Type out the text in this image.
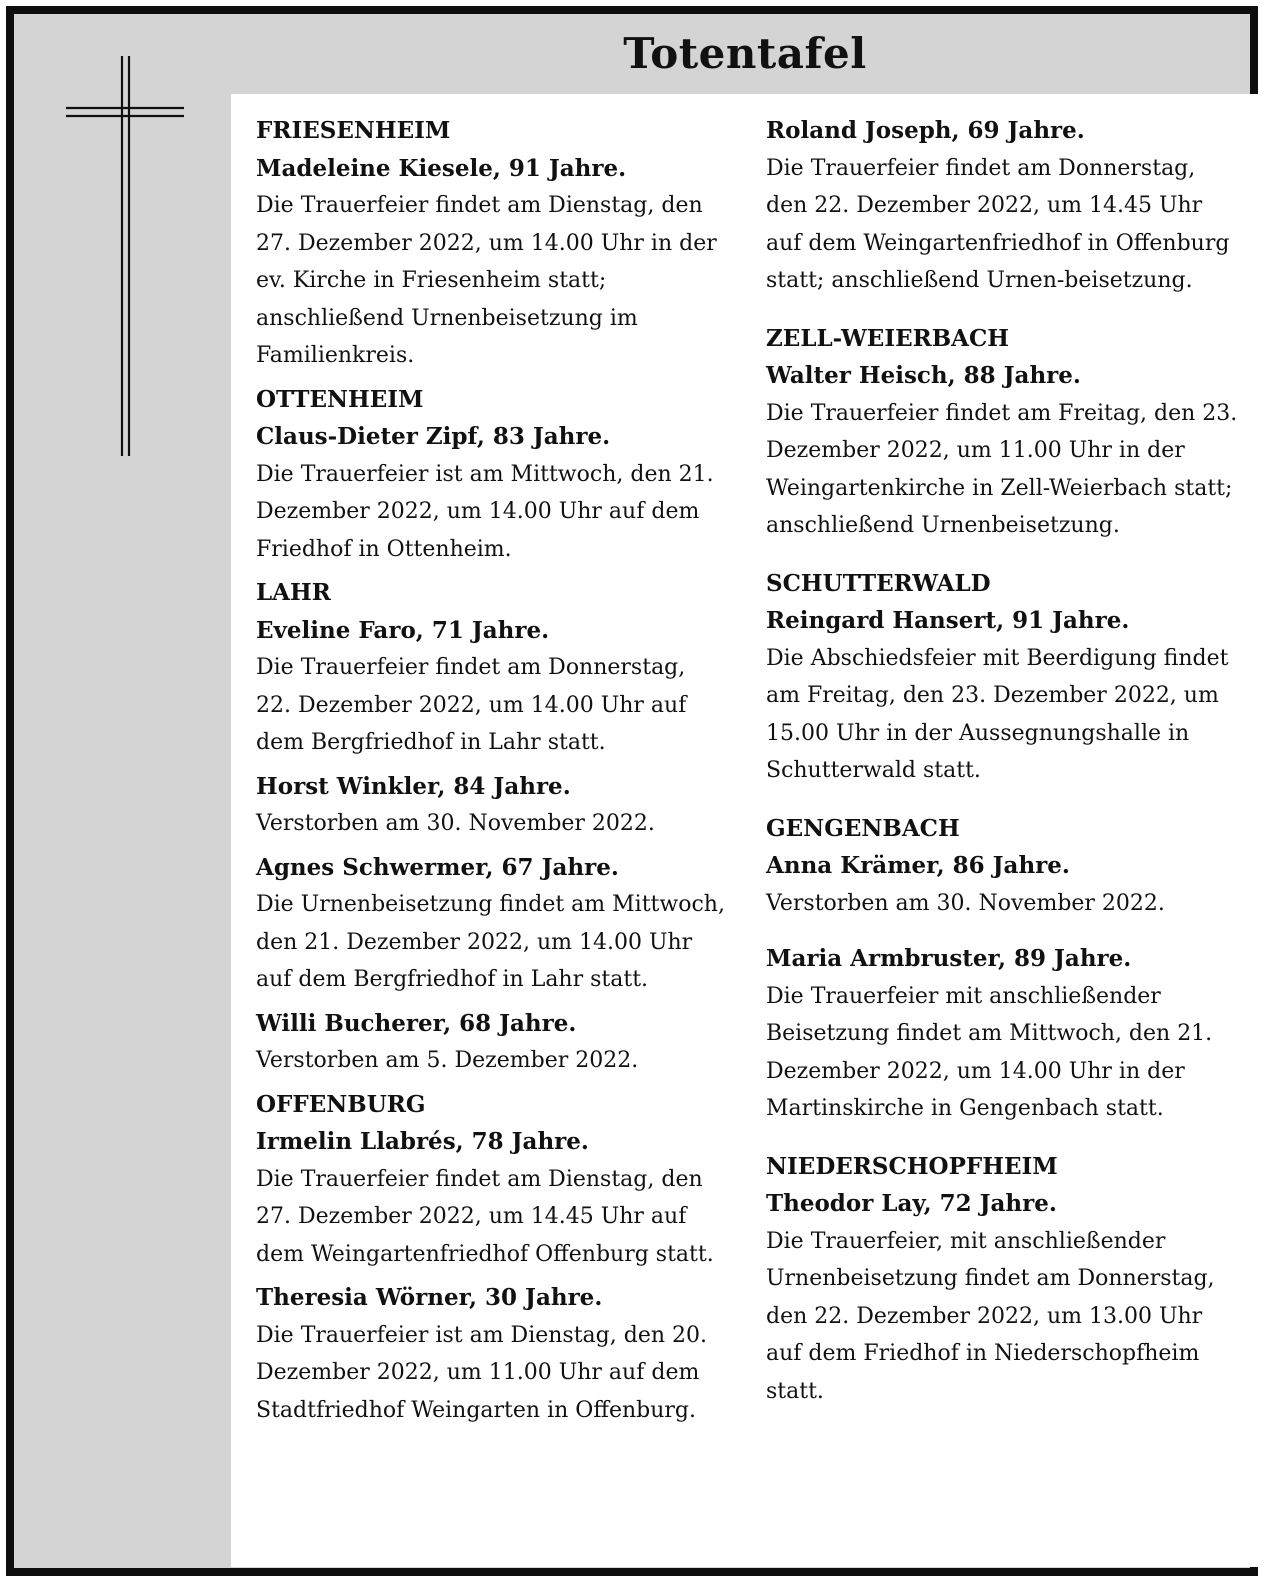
Totentafel

FRIESENHEIM

Madeleine Kiesele, 91 Jahre.

Die Trauerfeier findet am Dienstag, den 27. Dezember 2022, um 14.00 Uhr in der ev. Kirche in Friesenheim statt; anschließend Urnenbeisetzung im Familienkreis.

OTTENHEIM

Claus-Dieter Zipf, 83 Jahre.

Die Trauerfeier ist am Mittwoch, den 21. Dezember 2022, um 14.00 Uhr auf dem Friedhof in Ottenheim.

LAHR

Eveline Faro, 71 Jahre.

Die Trauerfeier findet am Donnerstag, 22. Dezember 2022, um 14.00 Uhr auf dem Bergfriedhof in Lahr statt.

Horst Winkler, 84 Jahre.

Verstorben am 30. November 2022.

Agnes Schwermer, 67 Jahre.

Die Urnenbeisetzung findet am Mittwoch, den 21. Dezember 2022, um 14.00 Uhr auf dem Bergfriedhof in Lahr statt.

Willi Bucherer, 68 Jahre.

Verstorben am 5. Dezember 2022.

OFFENBURG

Irmelin Llabrés, 78 Jahre.

Die Trauerfeier findet am Dienstag, den 27. Dezember 2022, um 14.45 Uhr auf dem Weingartenfriedhof Offenburg statt.

Theresia Wörner, 30 Jahre.

Die Trauerfeier ist am Dienstag, den 20. Dezember 2022, um 11.00 Uhr auf dem Stadtfriedhof Weingarten in Offenburg.

Roland Joseph, 69 Jahre.

Die Trauerfeier findet am Donnerstag, den 22. Dezember 2022, um 14.45 Uhr auf dem Weingartenfriedhof in Offenburg statt; anschließend Urnen-beisetzung.

ZELL-WEIERBACH

Walter Heisch, 88 Jahre.

Die Trauerfeier findet am Freitag, den 23. Dezember 2022, um 11.00 Uhr in der Weingartenkirche in Zell-Weierbach statt; anschließend Urnenbeisetzung.

SCHUTTERWALD

Reingard Hansert, 91 Jahre.

Die Abschiedsfeier mit Beerdigung findet am Freitag, den 23. Dezember 2022, um 15.00 Uhr in der Aussegnungshalle in Schutterwald statt.

GENGENBACH

Anna Krämer, 86 Jahre.

Verstorben am 30. November 2022.

Maria Armbruster, 89 Jahre.

Die Trauerfeier mit anschließender Beisetzung findet am Mittwoch, den 21. Dezember 2022, um 14.00 Uhr in der Martinskirche in Gengenbach statt.

NIEDERSCHOPFHEIM

Theodor Lay, 72 Jahre.

Die Trauerfeier, mit anschließender Urnenbeisetzung findet am Donnerstag, den 22. Dezember 2022, um 13.00 Uhr auf dem Friedhof in Niederschopfheim statt.
